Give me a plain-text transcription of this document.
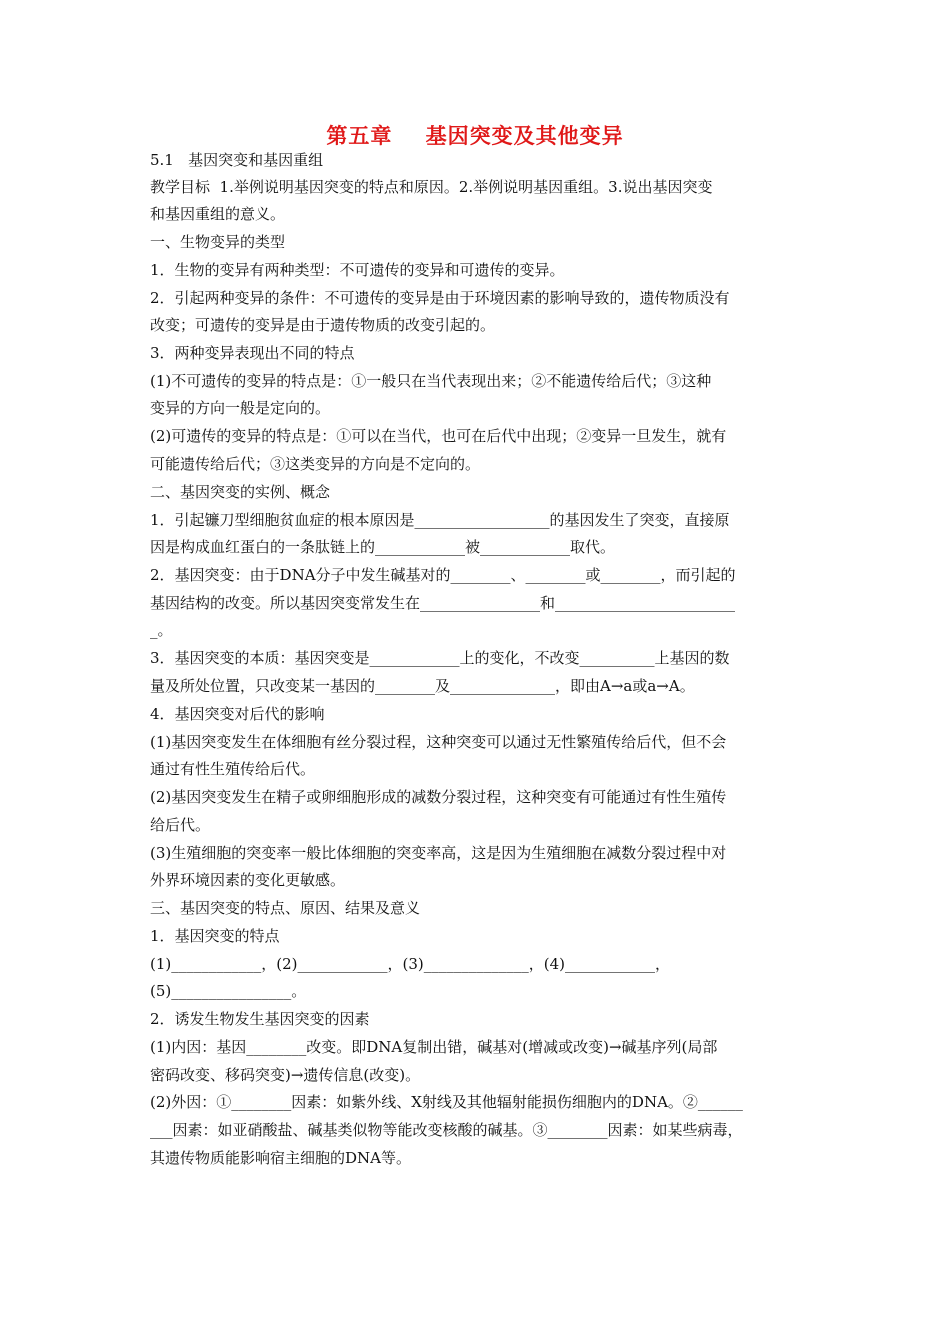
第五章    基因突变及其他变异
5.1   基因突变和基因重组
教学目标  1.举例说明基因突变的特点和原因。2.举例说明基因重组。3.说出基因突变
和基因重组的意义。
一、生物变异的类型
1．生物的变异有两种类型：不可遗传的变异和可遗传的变异。
2．引起两种变异的条件：不可遗传的变异是由于环境因素的影响导致的，遗传物质没有
改变；可遗传的变异是由于遗传物质的改变引起的。
3．两种变异表现出不同的特点
(1)不可遗传的变异的特点是：①一般只在当代表现出来；②不能遗传给后代；③这种
变异的方向一般是定向的。
(2)可遗传的变异的特点是：①可以在当代，也可在后代中出现；②变异一旦发生，就有
可能遗传给后代；③这类变异的方向是不定向的。
二、基因突变的实例、概念
1．引起镰刀型细胞贫血症的根本原因是__________________的基因发生了突变，直接原
因是构成血红蛋白的一条肽链上的____________被____________取代。
2．基因突变：由于DNA分子中发生碱基对的________、________或________，而引起的
基因结构的改变。所以基因突变常发生在________________和________________________
_。
3．基因突变的本质：基因突变是____________上的变化，不改变__________上基因的数
量及所处位置，只改变某一基因的________及______________，即由A→a或a→A。
4．基因突变对后代的影响
(1)基因突变发生在体细胞有丝分裂过程，这种突变可以通过无性繁殖传给后代，但不会
通过有性生殖传给后代。
(2)基因突变发生在精子或卵细胞形成的减数分裂过程，这种突变有可能通过有性生殖传
给后代。
(3)生殖细胞的突变率一般比体细胞的突变率高，这是因为生殖细胞在减数分裂过程中对
外界环境因素的变化更敏感。
三、基因突变的特点、原因、结果及意义
1．基因突变的特点
(1)____________，(2)____________，(3)______________，(4)____________，
(5)________________。
2．诱发生物发生基因突变的因素
(1)内因：基因________改变。即DNA复制出错，碱基对(增减或改变)→碱基序列(局部
密码改变、移码突变)→遗传信息(改变)。
(2)外因：①________因素：如紫外线、X射线及其他辐射能损伤细胞内的DNA。②______
___因素：如亚硝酸盐、碱基类似物等能改变核酸的碱基。③________因素：如某些病毒，
其遗传物质能影响宿主细胞的DNA等。
